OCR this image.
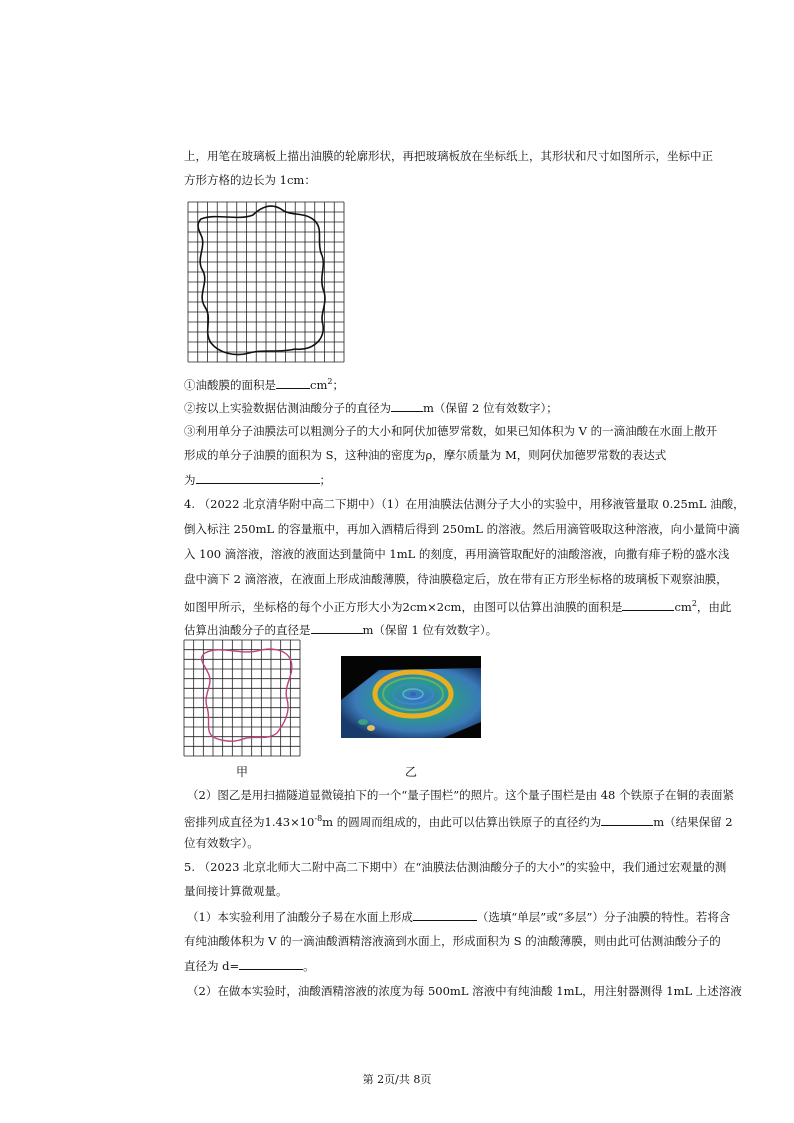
上，用笔在玻璃板上描出油膜的轮廓形状，再把玻璃板放在坐标纸上，其形状和尺寸如图所示，坐标中正
方形方格的边长为 1cm：
①油酸膜的面积是	$cm^2$；
②按以上实验数据估测油酸分子的直径为	m（保留 2 位有效数字）；
③利用单分子油膜法可以粗测分子的大小和阿伏加德罗常数，如果已知体积为 V 的一滴油酸在水面上散开
形成的单分子油膜的面积为 S，这种油的密度为ρ，摩尔质量为 M，则阿伏加德罗常数的表达式
为	；
4. （2022 北京清华附中高二下期中）（1）在用油膜法估测分子大小的实验中，用移液管量取 0.25mL 油酸，
倒入标注 250mL 的容量瓶中，再加入酒精后得到 250mL 的溶液。然后用滴管吸取这种溶液，向小量筒中滴
入 100 滴溶液，溶液的液面达到量筒中 1mL 的刻度，再用滴管取配好的油酸溶液，向撒有痱子粉的盛水浅
盘中滴下 2 滴溶液，在液面上形成油酸薄膜，待油膜稳定后，放在带有正方形坐标格的玻璃板下观察油膜，
如图甲所示，坐标格的每个小正方形大小为2cm×2cm，由图可以估算出油膜的面积是	$cm^2$，由此
估算出油酸分子的直径是	m（保留 1 位有效数字）。
甲	乙
（2）图乙是用扫描隧道显微镜拍下的一个“量子围栏”的照片。这个量子围栏是由 48 个铁原子在铜的表面紧
密排列成直径为$1.43\times 10^{-8}m$ 的圆周而组成的，由此可以估算出铁原子的直径约为	m（结果保留 2
位有效数字）。
5. （2023 北京北师大二附中高二下期中）在“油膜法估测油酸分子的大小”的实验中，我们通过宏观量的测
量间接计算微观量。
（1）本实验利用了油酸分子易在水面上形成	（选填“单层”或“多层”）分子油膜的特性。若将含
有纯油酸体积为 V 的一滴油酸酒精溶液滴到水面上，形成面积为 S 的油酸薄膜，则由此可估测油酸分子的
直径为 d=	。
（2）在做本实验时，油酸酒精溶液的浓度为每 500mL 溶液中有纯油酸 1mL，用注射器测得 1mL 上述溶液
第 2页/共 8页
